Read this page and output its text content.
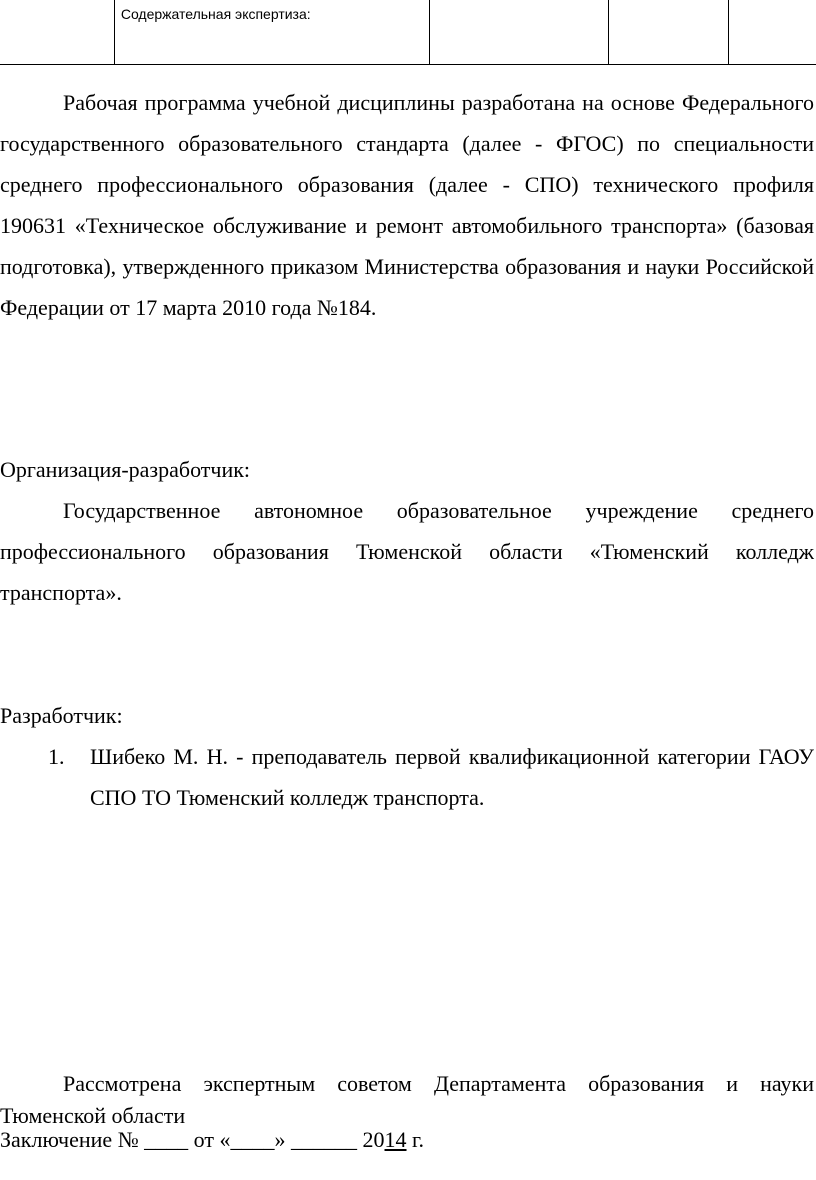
	Содержательная экспертиза:			

Рабочая программа учебной дисциплины разработана на основе Федерального государственного образовательного стандарта (далее - ФГОС) по специальности среднего профессионального образования (далее - СПО) технического профиля 190631 «Техническое обслуживание и ремонт автомобильного транспорта» (базовая подготовка), утвержденного приказом Министерства образования и науки Российской Федерации от 17 марта 2010 года №184.

Организация-разработчик:

Государственное автономное образовательное учреждение среднего профессионального образования Тюменской области «Тюменский колледж транспорта».

Разработчик:

1. Шибеко М. Н. - преподаватель первой квалификационной категории ГАОУ СПО ТО Тюменский колледж транспорта.

Рассмотрена экспертным советом Департамента образования и науки Тюменской области

Заключение № ____ от «____» ______ 2014 г.
